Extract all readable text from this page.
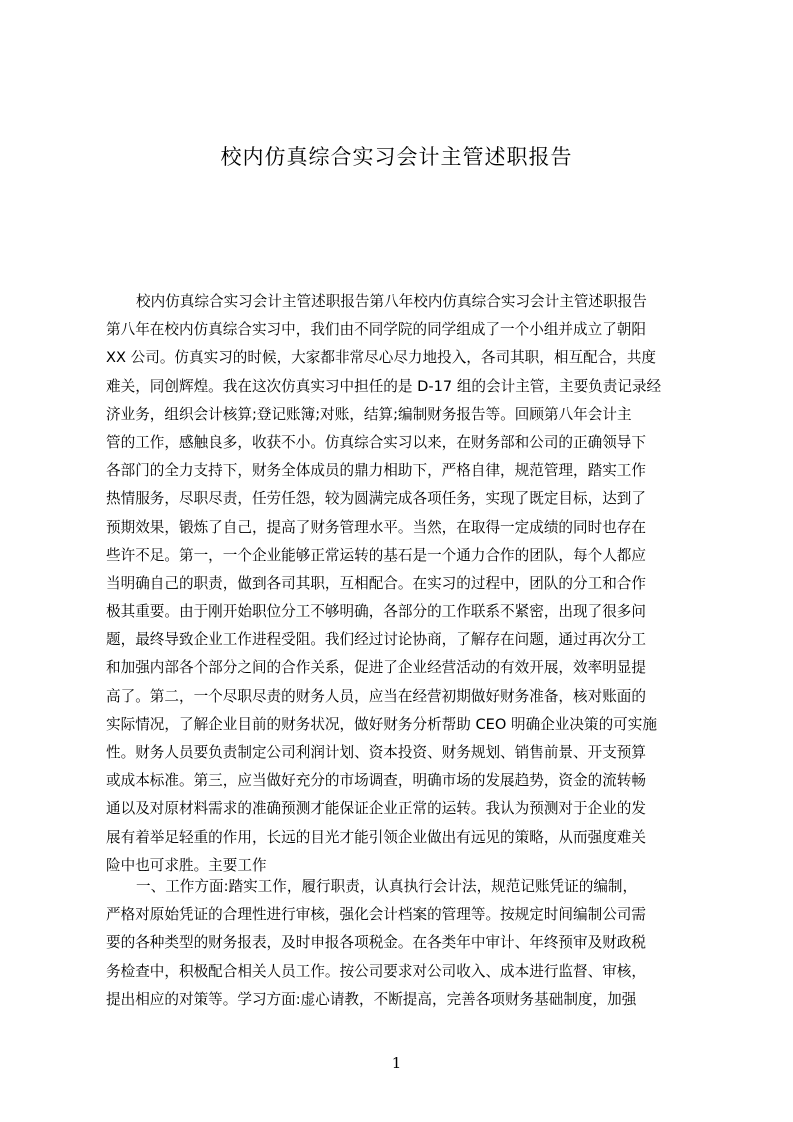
校内仿真综合实习会计主管述职报告
校内仿真综合实习会计主管述职报告第八年校内仿真综合实习会计主管述职报告
第八年在校内仿真综合实习中，我们由不同学院的同学组成了一个小组并成立了朝阳
XX 公司。仿真实习的时候，大家都非常尽心尽力地投入，各司其职，相互配合，共度
难关，同创辉煌。我在这次仿真实习中担任的是 D-17 组的会计主管，主要负责记录经
济业务，组织会计核算;登记账簿;对账，结算;编制财务报告等。回顾第八年会计主
管的工作，感触良多，收获不小。仿真综合实习以来，在财务部和公司的正确领导下
各部门的全力支持下，财务全体成员的鼎力相助下，严格自律，规范管理，踏实工作
热情服务，尽职尽责，任劳任怨，较为圆满完成各项任务，实现了既定目标，达到了
预期效果，锻炼了自己，提高了财务管理水平。当然，在取得一定成绩的同时也存在
些许不足。第一，一个企业能够正常运转的基石是一个通力合作的团队，每个人都应
当明确自己的职责，做到各司其职，互相配合。在实习的过程中，团队的分工和合作
极其重要。由于刚开始职位分工不够明确，各部分的工作联系不紧密，出现了很多问
题，最终导致企业工作进程受阻。我们经过讨论协商，了解存在问题，通过再次分工
和加强内部各个部分之间的合作关系，促进了企业经营活动的有效开展，效率明显提
高了。第二，一个尽职尽责的财务人员，应当在经营初期做好财务准备，核对账面的
实际情况，了解企业目前的财务状况，做好财务分析帮助 CEO 明确企业决策的可实施
性。财务人员要负责制定公司利润计划、资本投资、财务规划、销售前景、开支预算
或成本标准。第三，应当做好充分的市场调查，明确市场的发展趋势，资金的流转畅
通以及对原材料需求的准确预测才能保证企业正常的运转。我认为预测对于企业的发
展有着举足轻重的作用，长远的目光才能引领企业做出有远见的策略，从而强度难关
险中也可求胜。主要工作
一、工作方面:踏实工作，履行职责，认真执行会计法，规范记账凭证的编制，
严格对原始凭证的合理性进行审核，强化会计档案的管理等。按规定时间编制公司需
要的各种类型的财务报表，及时申报各项税金。在各类年中审计、年终预审及财政税
务检查中，积极配合相关人员工作。按公司要求对公司收入、成本进行监督、审核，
提出相应的对策等。学习方面:虚心请教，不断提高，完善各项财务基础制度，加强
1
